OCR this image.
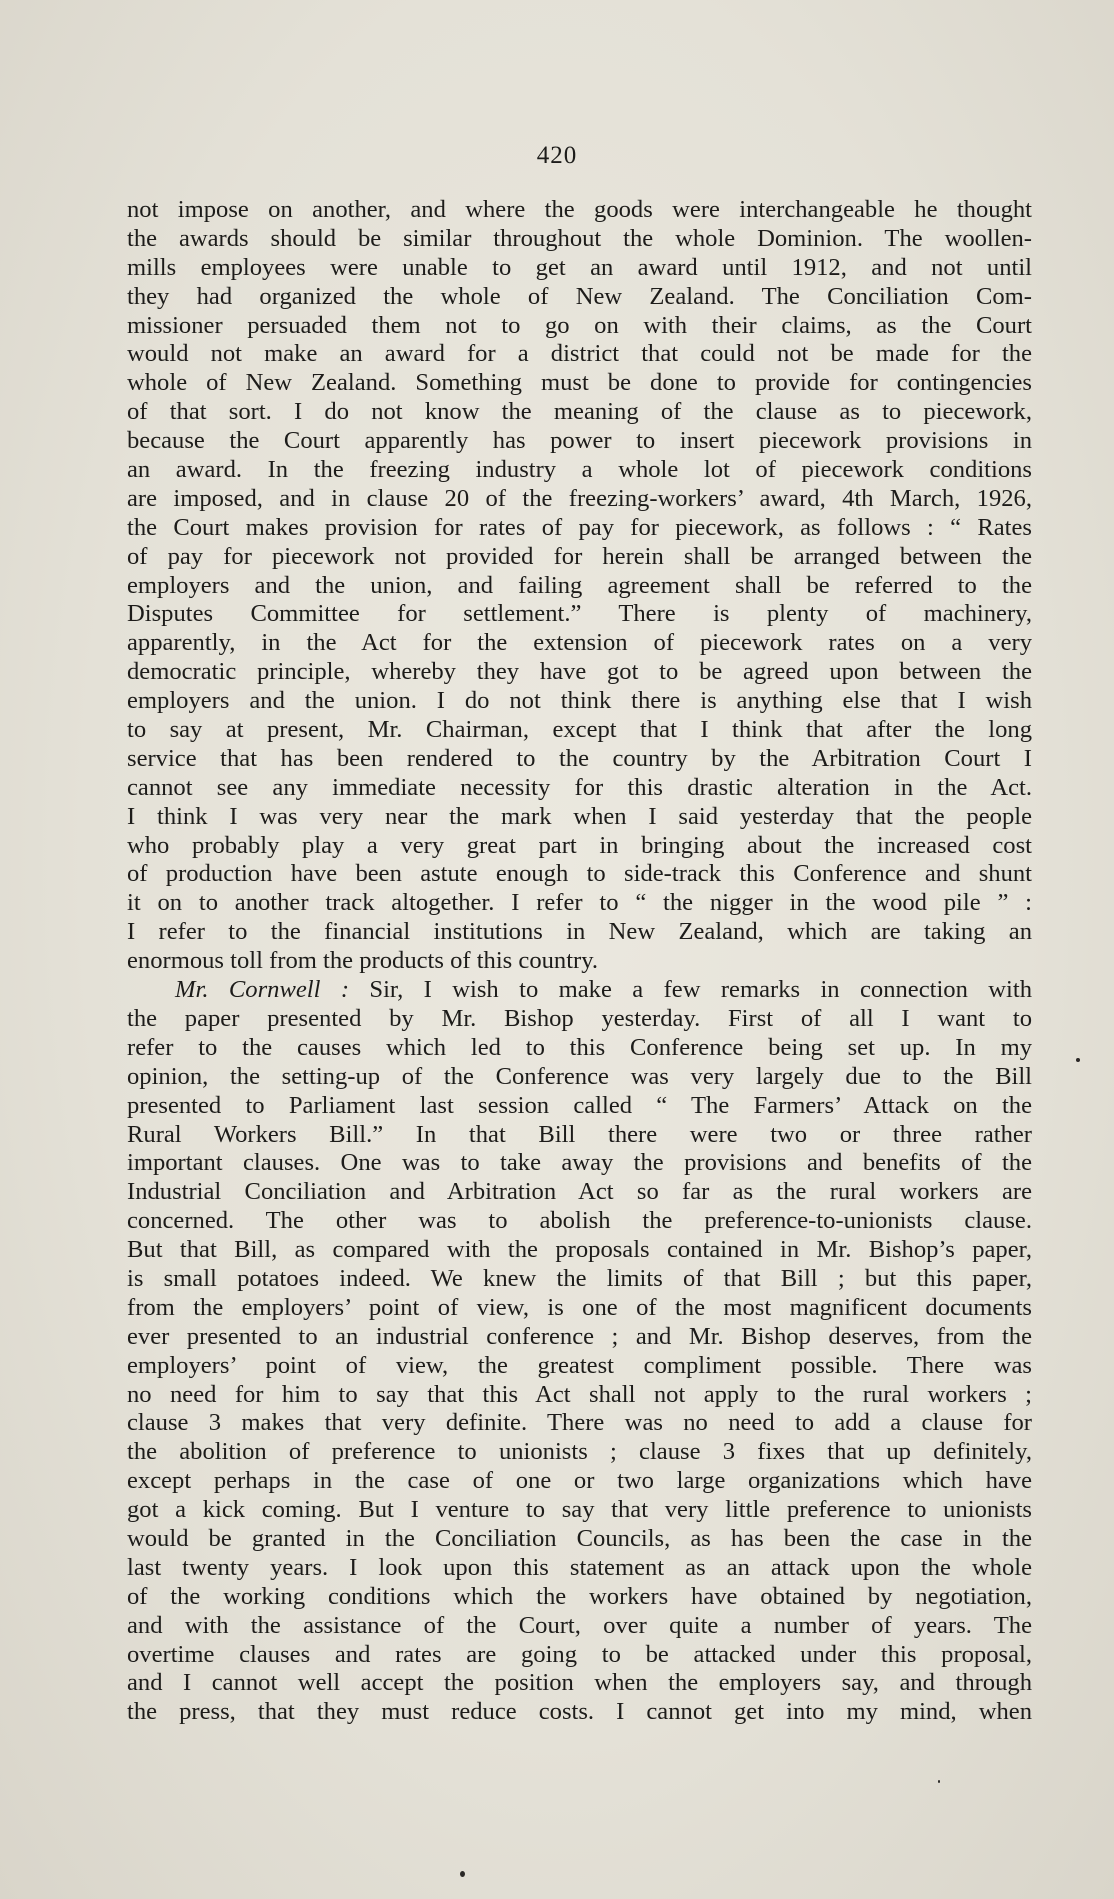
420
not impose on another, and where the goods were interchangeable he thought
the awards should be similar throughout the whole Dominion. The woollen-
mills employees were unable to get an award until 1912, and not until
they had organized the whole of New Zealand. The Conciliation Com-
missioner persuaded them not to go on with their claims, as the Court
would not make an award for a district that could not be made for the
whole of New Zealand. Something must be done to provide for contingencies
of that sort. I do not know the meaning of the clause as to piecework,
because the Court apparently has power to insert piecework provisions in
an award. In the freezing industry a whole lot of piecework conditions
are imposed, and in clause 20 of the freezing-workers’ award, 4th March, 1926,
the Court makes provision for rates of pay for piecework, as follows : “ Rates
of pay for piecework not provided for herein shall be arranged between the
employers and the union, and failing agreement shall be referred to the
Disputes Committee for settlement.” There is plenty of machinery,
apparently, in the Act for the extension of piecework rates on a very
democratic principle, whereby they have got to be agreed upon between the
employers and the union. I do not think there is anything else that I wish
to say at present, Mr. Chairman, except that I think that after the long
service that has been rendered to the country by the Arbitration Court I
cannot see any immediate necessity for this drastic alteration in the Act.
I think I was very near the mark when I said yesterday that the people
who probably play a very great part in bringing about the increased cost
of production have been astute enough to side-track this Conference and shunt
it on to another track altogether. I refer to “ the nigger in the wood pile ” :
I refer to the financial institutions in New Zealand, which are taking an
enormous toll from the products of this country.
Mr. Cornwell : Sir, I wish to make a few remarks in connection with
the paper presented by Mr. Bishop yesterday. First of all I want to
refer to the causes which led to this Conference being set up. In my
opinion, the setting-up of the Conference was very largely due to the Bill
presented to Parliament last session called “ The Farmers’ Attack on the
Rural Workers Bill.” In that Bill there were two or three rather
important clauses. One was to take away the provisions and benefits of the
Industrial Conciliation and Arbitration Act so far as the rural workers are
concerned. The other was to abolish the preference-to-unionists clause.
But that Bill, as compared with the proposals contained in Mr. Bishop’s paper,
is small potatoes indeed. We knew the limits of that Bill ; but this paper,
from the employers’ point of view, is one of the most magnificent documents
ever presented to an industrial conference ; and Mr. Bishop deserves, from the
employers’ point of view, the greatest compliment possible. There was
no need for him to say that this Act shall not apply to the rural workers ;
clause 3 makes that very definite. There was no need to add a clause for
the abolition of preference to unionists ; clause 3 fixes that up definitely,
except perhaps in the case of one or two large organizations which have
got a kick coming. But I venture to say that very little preference to unionists
would be granted in the Conciliation Councils, as has been the case in the
last twenty years. I look upon this statement as an attack upon the whole
of the working conditions which the workers have obtained by negotiation,
and with the assistance of the Court, over quite a number of years. The
overtime clauses and rates are going to be attacked under this proposal,
and I cannot well accept the position when the employers say, and through
the press, that they must reduce costs. I cannot get into my mind, when
